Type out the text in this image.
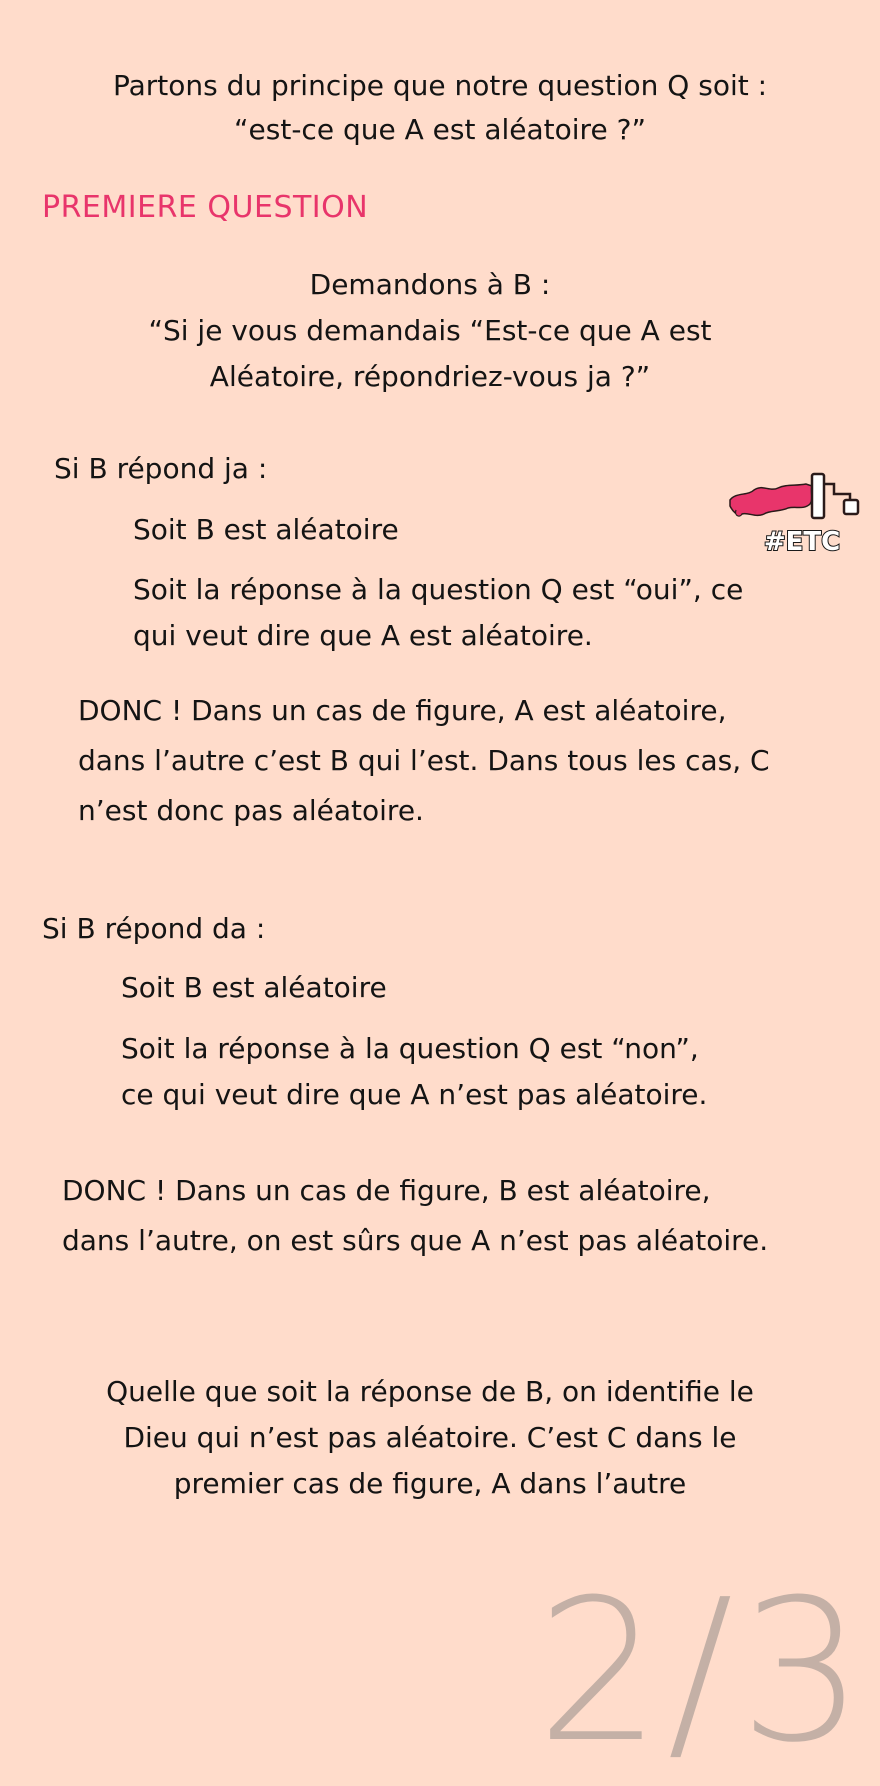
Partons du principe que notre question Q soit :
“est-ce que A est aléatoire ?”
PREMIERE QUESTION
Demandons à B :
“Si je vous demandais “Est-ce que A est
Aléatoire, répondriez-vous ja ?”
Si B répond ja :
Soit B est aléatoire
Soit la réponse à la question Q est “oui”, ce
qui veut dire que A est aléatoire.
DONC ! Dans un cas de figure, A est aléatoire,
dans l’autre c’est B qui l’est. Dans tous les cas, C
n’est donc pas aléatoire.
Si B répond da :
Soit B est aléatoire
Soit la réponse à la question Q est “non”,
ce qui veut dire que A n’est pas aléatoire.
DONC ! Dans un cas de figure, B est aléatoire,
dans l’autre, on est sûrs que A n’est pas aléatoire.
Quelle que soit la réponse de B, on identifie le
Dieu qui n’est pas aléatoire. C’est C dans le
premier cas de figure, A dans l’autre
#ETC
2/3
